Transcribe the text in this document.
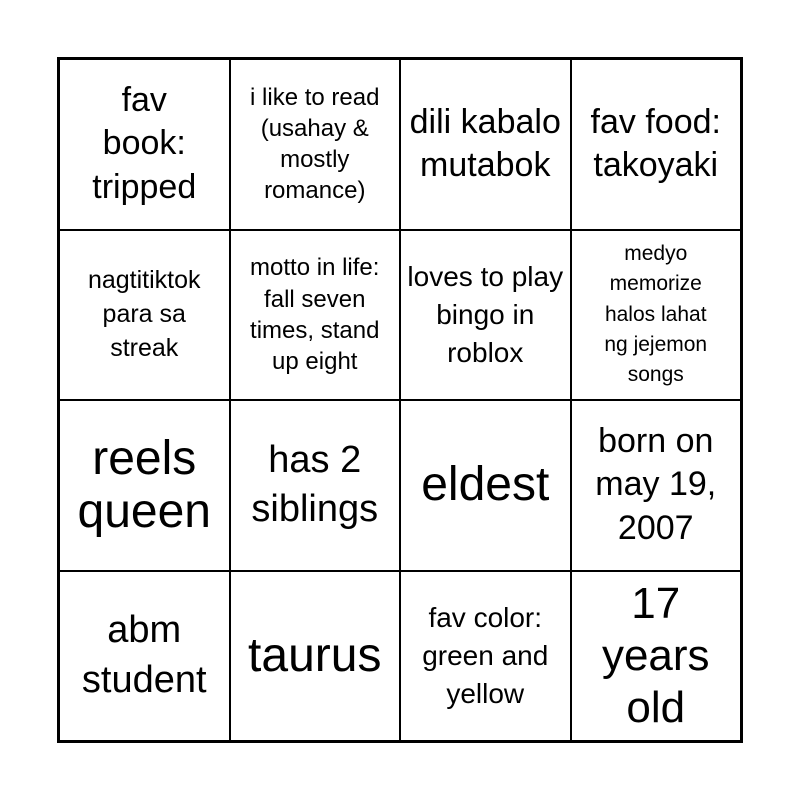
fav book: tripped
i like to read (usahay & mostly romance)
dili kabalo mutabok
fav food: takoyaki
nagtitiktok para sa streak
motto in life: fall seven times, stand up eight
loves to play bingo in roblox
medyo memorize halos lahat ng jejemon songs
reels queen
has 2 siblings eldest
born on may 19, 2007
abm student taurus
fav color: green and yellow
17 years old
